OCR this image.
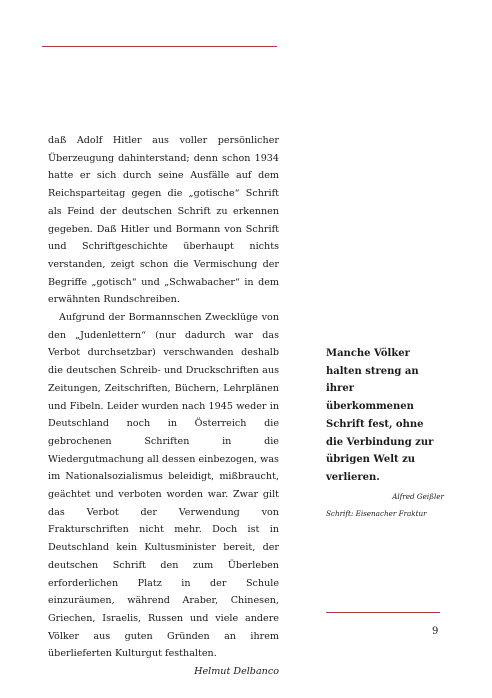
daß Adolf Hitler aus voller persönlicher Überzeugung dahinterstand; denn schon 1934 hatte er sich durch seine Ausfälle auf dem Reichsparteitag gegen die „gotische“ Schrift als Feind der deutschen Schrift zu erkennen gegeben. Daß Hitler und Bormann von Schrift und Schriftgeschichte überhaupt nichts verstanden, zeigt schon die Vermischung der Begriffe „gotisch“ und „Schwabacher“ in dem erwähnten Rundschreiben.

Aufgrund der Bormannschen Zwecklüge von den „Judenlettern“ (nur dadurch war das Verbot durchsetzbar) verschwanden deshalb die deutschen Schreib- und Druckschriften aus Zeitungen, Zeitschriften, Büchern, Lehrplänen und Fibeln. Leider wurden nach 1945 weder in Deutschland noch in Österreich die gebrochenen Schriften in die Wiedergutmachung all dessen einbezogen, was im Nationalsozialismus beleidigt, mißbraucht, geächtet und verboten worden war. Zwar gilt das Verbot der Verwendung von Frakturschriften nicht mehr. Doch ist in Deutschland kein Kultusminister bereit, der deutschen Schrift den zum Überleben erforderlichen Platz in der Schule einzuräumen, während Araber, Chinesen, Griechen, Israelis, Russen und viele andere Völker aus guten Gründen an ihrem überlieferten Kulturgut festhalten.

Helmut Delbanco

Manche Völker halten streng an ihrer überkommenen Schrift fest, ohne die Verbindung zur übrigen Welt zu verlieren.

Alfred Geißler

Schrift: Eisenacher Fraktur

9
